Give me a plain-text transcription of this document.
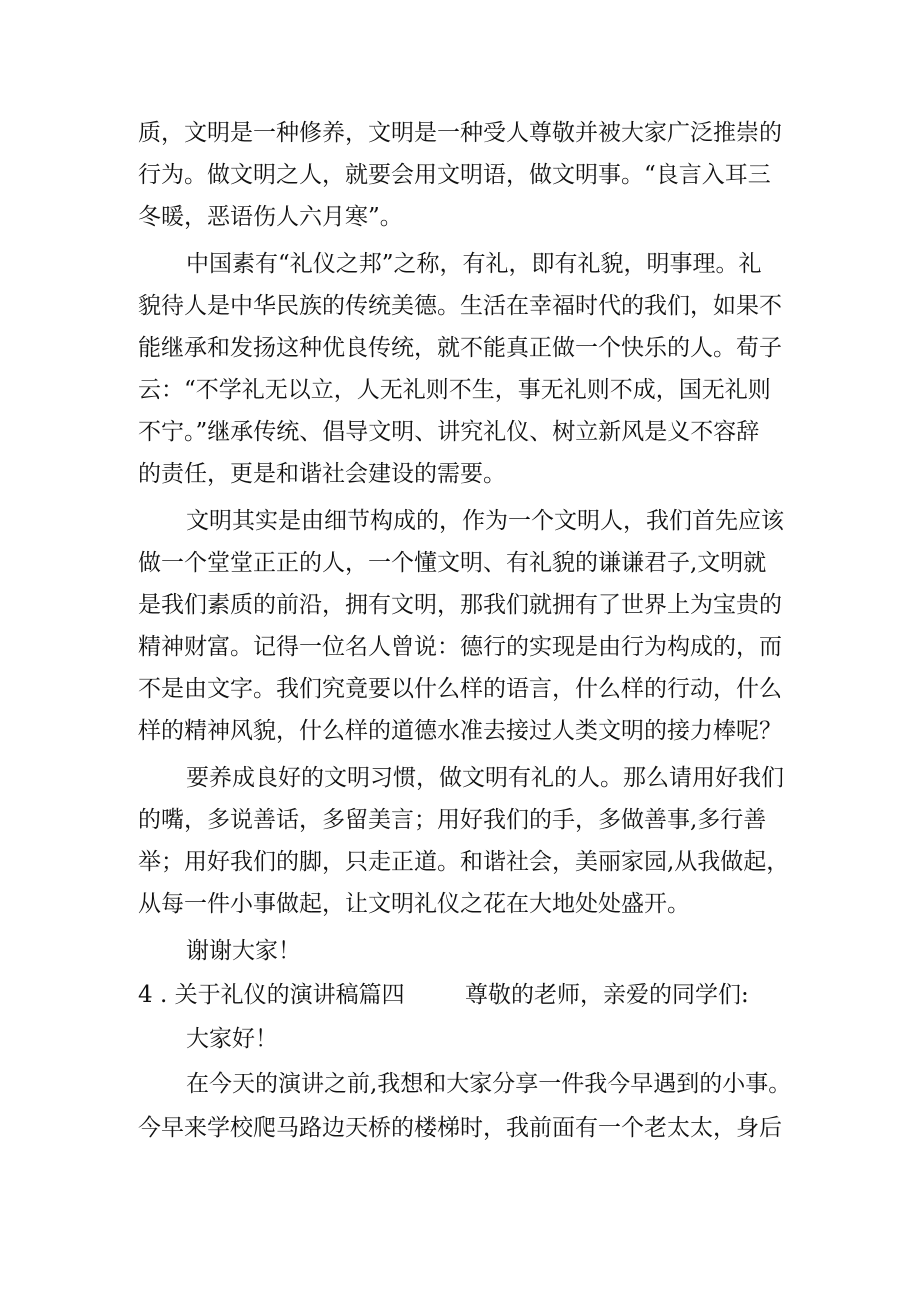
质，文明是一种修养，文明是一种受人尊敬并被大家广泛推崇的
行为。做文明之人，就要会用文明语，做文明事。“良言入耳三
冬暖，恶语伤人六月寒”。
中国素有“礼仪之邦”之称，有礼，即有礼貌，明事理。礼
貌待人是中华民族的传统美德。生活在幸福时代的我们，如果不
能继承和发扬这种优良传统，就不能真正做一个快乐的人。荀子
云：“不学礼无以立，人无礼则不生，事无礼则不成，国无礼则
不宁。”继承传统、倡导文明、讲究礼仪、树立新风是义不容辞
的责任，更是和谐社会建设的需要。
文明其实是由细节构成的，作为一个文明人，我们首先应该
做一个堂堂正正的人，一个懂文明、有礼貌的谦谦君子,文明就
是我们素质的前沿，拥有文明，那我们就拥有了世界上为宝贵的
精神财富。记得一位名人曾说：德行的实现是由行为构成的，而
不是由文字。我们究竟要以什么样的语言，什么样的行动，什么
样的精神风貌，什么样的道德水准去接过人类文明的接力棒呢？
要养成良好的文明习惯，做文明有礼的人。那么请用好我们
的嘴，多说善话，多留美言；用好我们的手，多做善事,多行善
举；用好我们的脚，只走正道。和谐社会，美丽家园,从我做起，
从每一件小事做起，让文明礼仪之花在大地处处盛开。
谢谢大家！
4 . 关于礼仪的演讲稿篇四	尊敬的老师，亲爱的同学们:
大家好！
在今天的演讲之前,我想和大家分享一件我今早遇到的小事。
今早来学校爬马路边天桥的楼梯时，我前面有一个老太太，身后
